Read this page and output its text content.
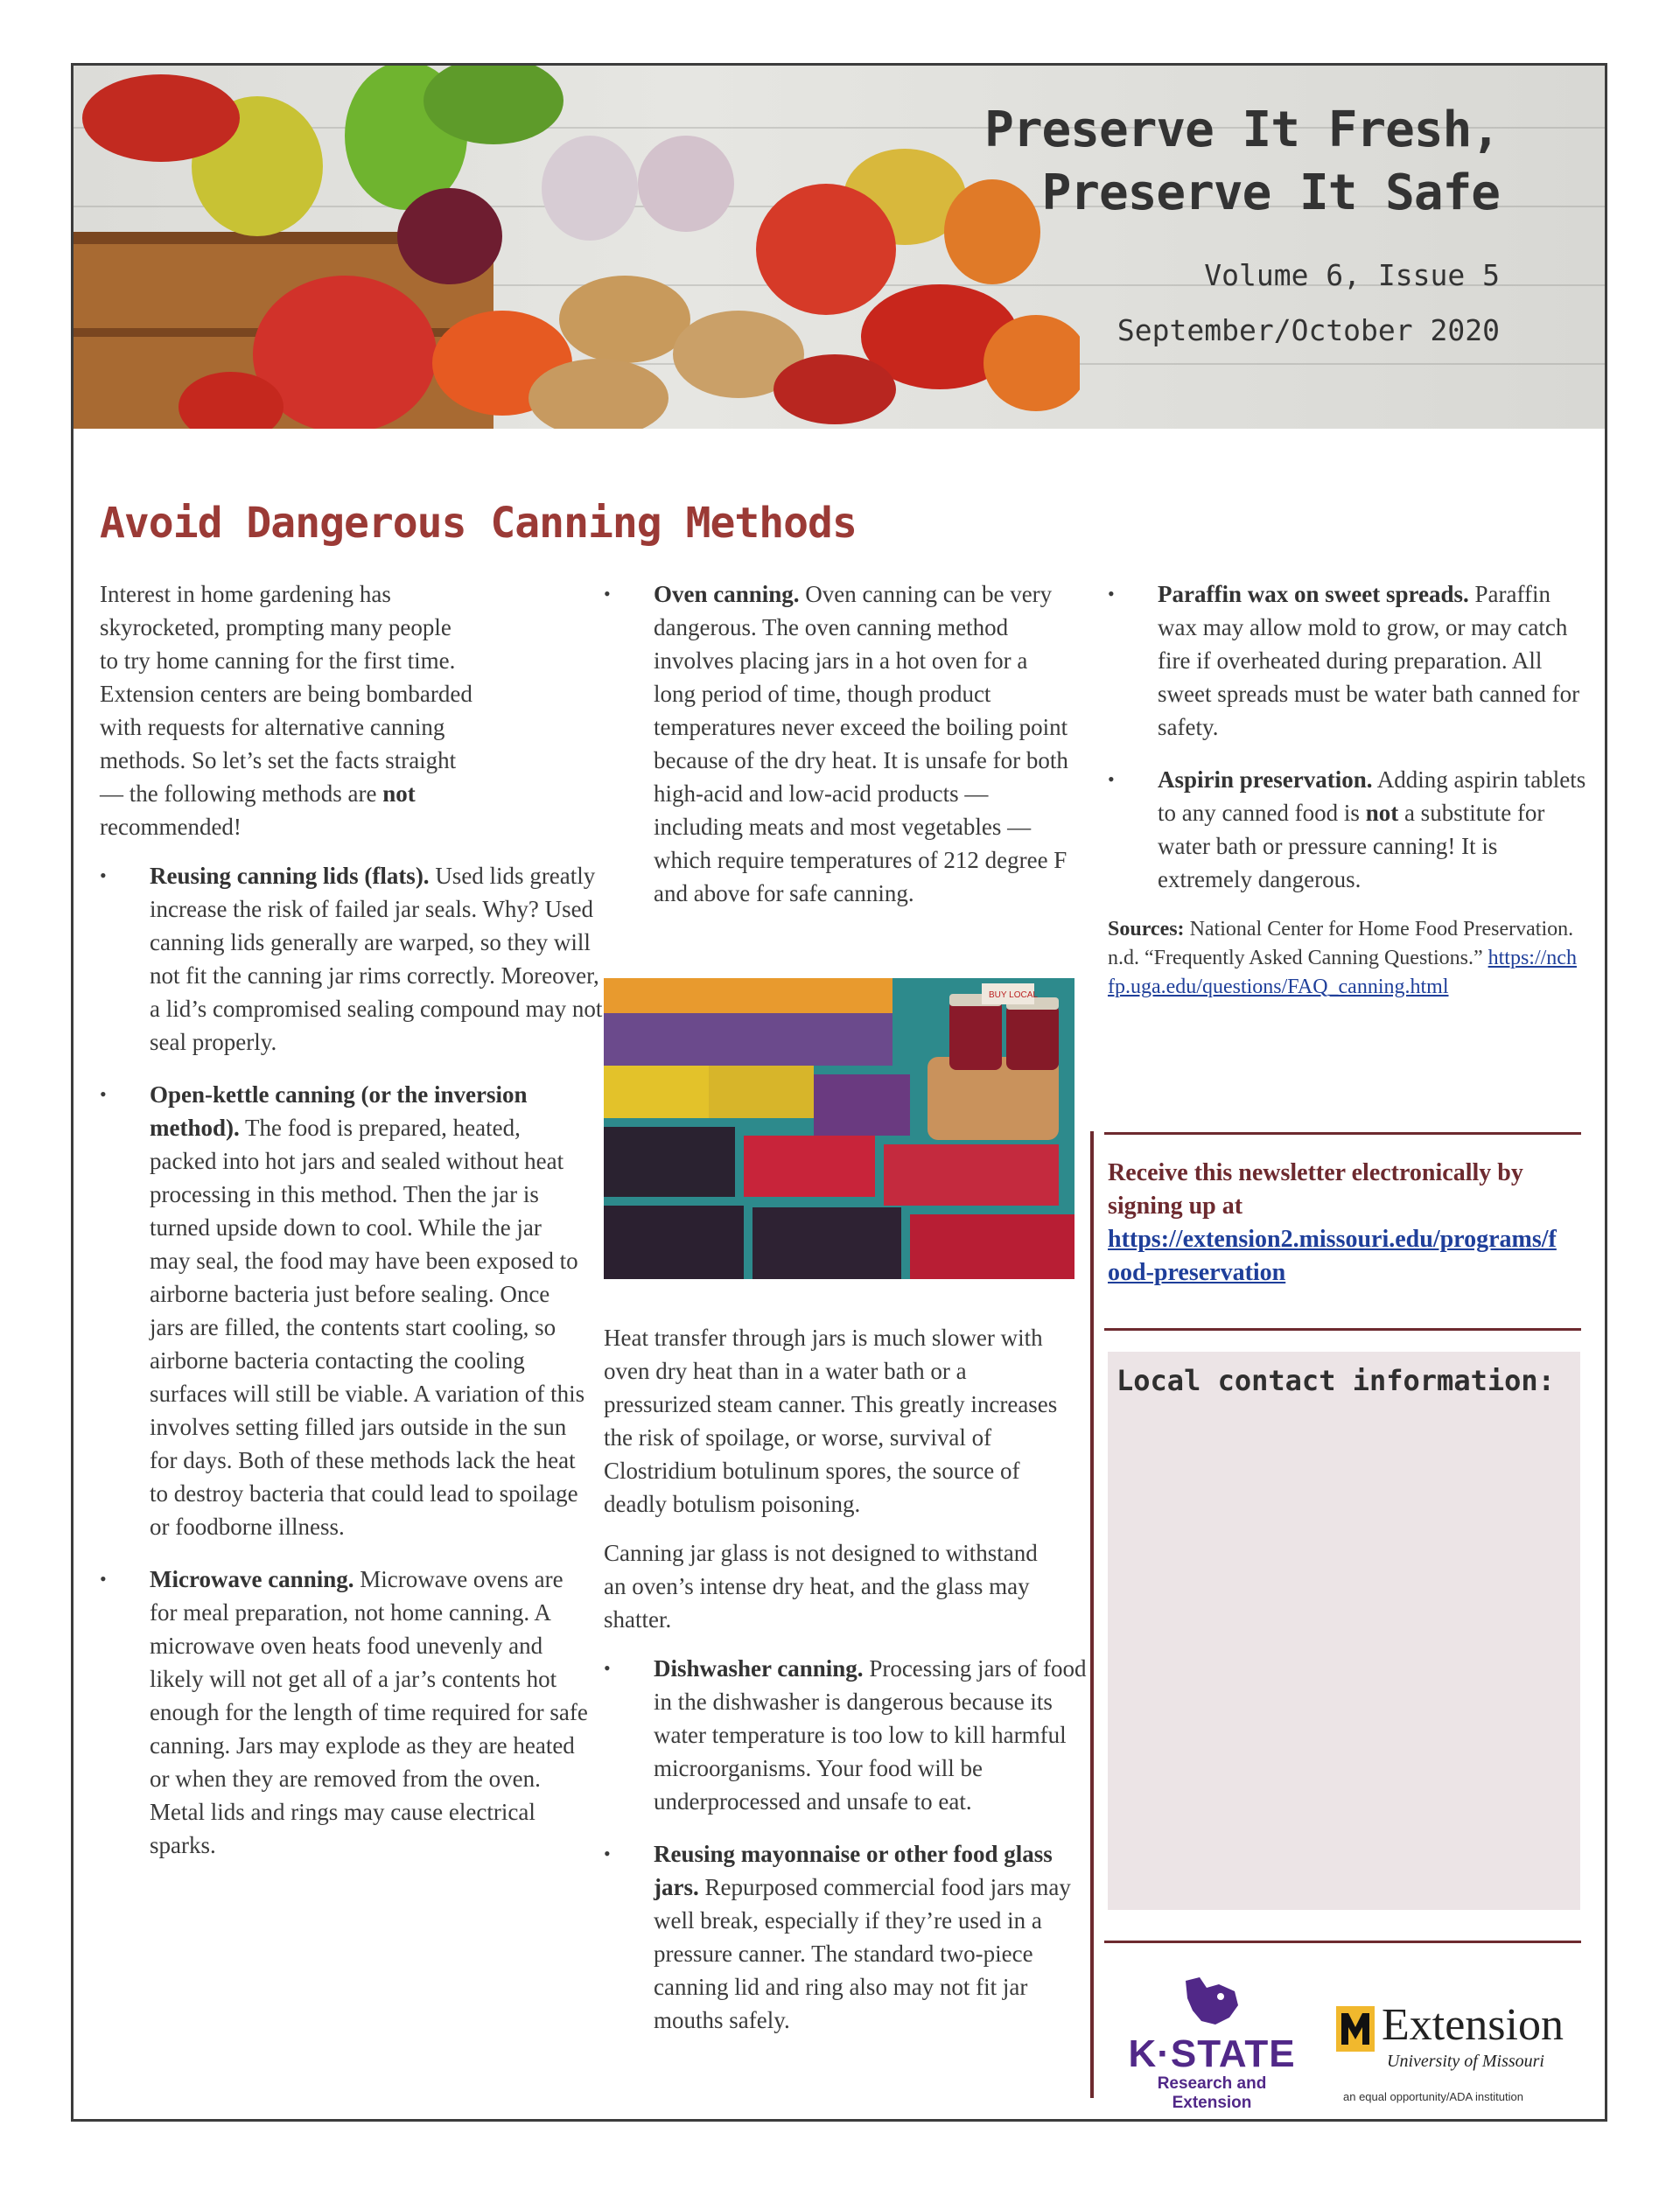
Preserve It Fresh,
Preserve It Safe
Volume 6, Issue 5
September/October 2020
Avoid Dangerous Canning Methods

Interest in home gardening has
skyrocketed, prompting many people
to try home canning for the first time.
Extension centers are being bombarded
with requests for alternative canning
methods. So let’s set the facts straight
— the following methods are not
recommended!

•	Reusing canning lids (flats). Used lids greatly increase the risk of failed jar seals. Why? Used canning lids generally are warped, so they will not fit the canning jar rims correctly. Moreover, a lid’s compromised sealing compound may not seal properly.
•	Open-kettle canning (or the inversion method). The food is prepared, heated, packed into hot jars and sealed without heat processing in this method. Then the jar is turned upside down to cool. While the jar may seal, the food may have been exposed to airborne bacteria just before sealing. Once jars are filled, the contents start cooling, so airborne bacteria contacting the cooling surfaces will still be viable. A variation of this involves setting filled jars outside in the sun for days. Both of these methods lack the heat to destroy bacteria that could lead to spoilage or foodborne illness.
•	Microwave canning. Microwave ovens are for meal preparation, not home canning. A microwave oven heats food unevenly and likely will not get all of a jar’s contents hot enough for the length of time required for safe canning. Jars may explode as they are heated or when they are removed from the oven. Metal lids and rings may cause electrical sparks.
•	Oven canning. Oven canning can be very dangerous. The oven canning method involves placing jars in a hot oven for a long period of time, though product temperatures never exceed the boiling point because of the dry heat. It is unsafe for both high-acid and low-acid products — including meats and most vegetables — which require temperatures of 212 degree F and above for safe canning.
BUY LOCAL

Heat transfer through jars is much slower with oven dry heat than in a water bath or a pressurized steam canner. This greatly increases the risk of spoilage, or worse, survival of Clostridium botulinum spores, the source of deadly botulism poisoning.

Canning jar glass is not designed to withstand an oven’s intense dry heat, and the glass may shatter.

•	Dishwasher canning. Processing jars of food in the dishwasher is dangerous because its water temperature is too low to kill harmful microorganisms. Your food will be underprocessed and unsafe to eat.
•	Reusing mayonnaise or other food glass jars. Repurposed commercial food jars may well break, especially if they’re used in a pressure canner. The standard two-piece canning lid and ring also may not fit jar mouths safely.
•	Paraffin wax on sweet spreads. Paraffin wax may allow mold to grow, or may catch fire if overheated during preparation. All sweet spreads must be water bath canned for safety.
•	Aspirin preservation. Adding aspirin tablets to any canned food is not a substitute for water bath or pressure canning! It is extremely dangerous.

Sources: National Center for Home Food Preservation. n.d. “Frequently Asked Canning Questions.” https://nchfp.uga.edu/questions/FAQ_canning.html

Receive this newsletter electronically by signing up at
https://extension2.missouri.edu/programs/food-preservation
Local contact information:
K·STATE
Research and Extension
Extension
University of Missouri
an equal opportunity/ADA institution
